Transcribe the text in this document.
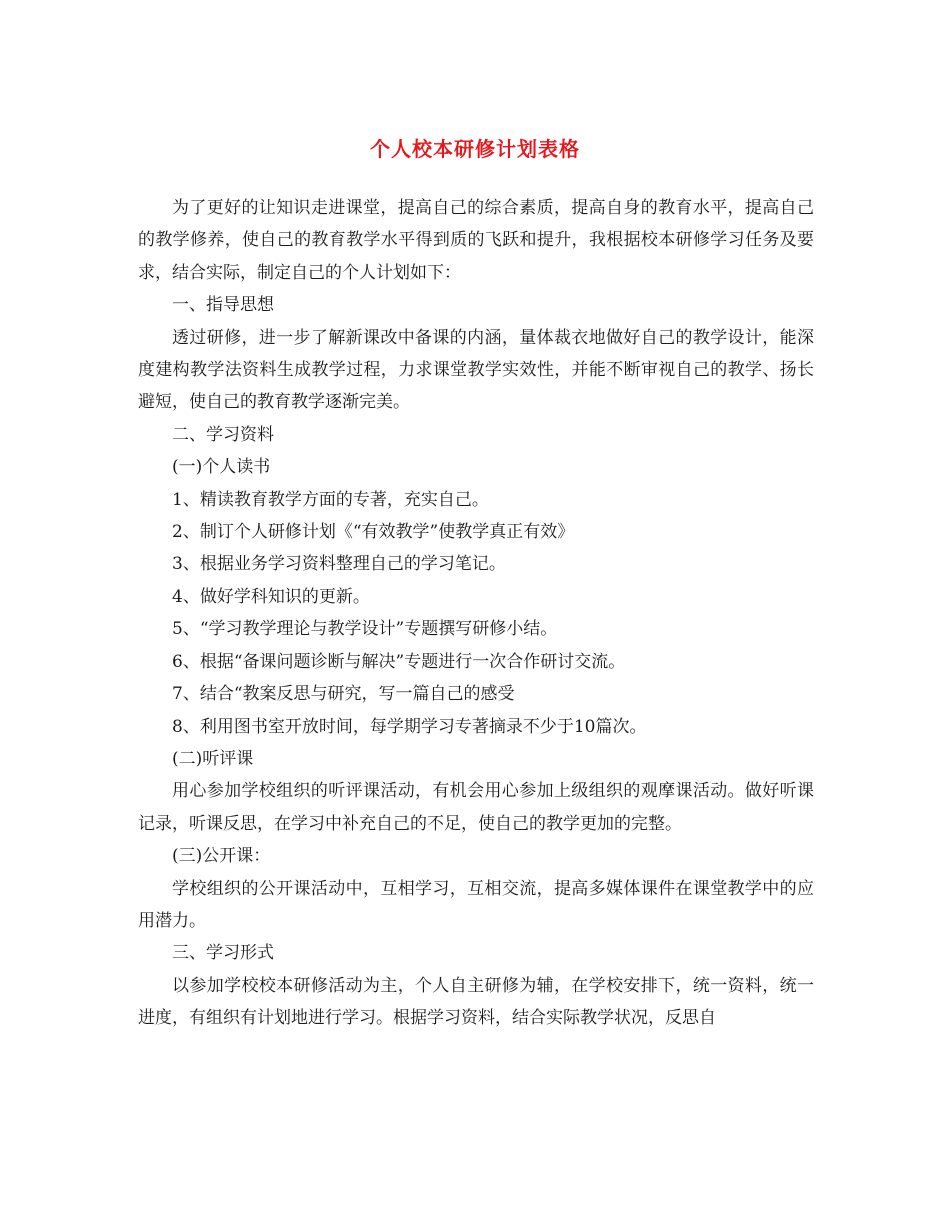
个人校本研修计划表格

为了更好的让知识走进课堂，提高自己的综合素质，提高自身的教育水平，提高自己的教学修养，使自己的教育教学水平得到质的飞跃和提升，我根据校本研修学习任务及要求，结合实际，制定自己的个人计划如下：

一、指导思想

透过研修，进一步了解新课改中备课的内涵，量体裁衣地做好自己的教学设计，能深度建构教学法资料生成教学过程，力求课堂教学实效性，并能不断审视自己的教学、扬长避短，使自己的教育教学逐渐完美。

二、学习资料

(一)个人读书

1、精读教育教学方面的专著，充实自己。

2、制订个人研修计划《“有效教学”使教学真正有效》

3、根据业务学习资料整理自己的学习笔记。

4、做好学科知识的更新。

5、“学习教学理论与教学设计”专题撰写研修小结。

6、根据“备课问题诊断与解决”专题进行一次合作研讨交流。

7、结合“教案反思与研究，写一篇自己的感受

8、利用图书室开放时间，每学期学习专著摘录不少于10篇次。

(二)听评课

用心参加学校组织的听评课活动，有机会用心参加上级组织的观摩课活动。做好听课记录，听课反思，在学习中补充自己的不足，使自己的教学更加的完整。

(三)公开课：

学校组织的公开课活动中，互相学习，互相交流，提高多媒体课件在课堂教学中的应用潜力。

三、学习形式

以参加学校校本研修活动为主，个人自主研修为辅，在学校安排下，统一资料，统一进度，有组织有计划地进行学习。根据学习资料，结合实际教学状况，反思自
